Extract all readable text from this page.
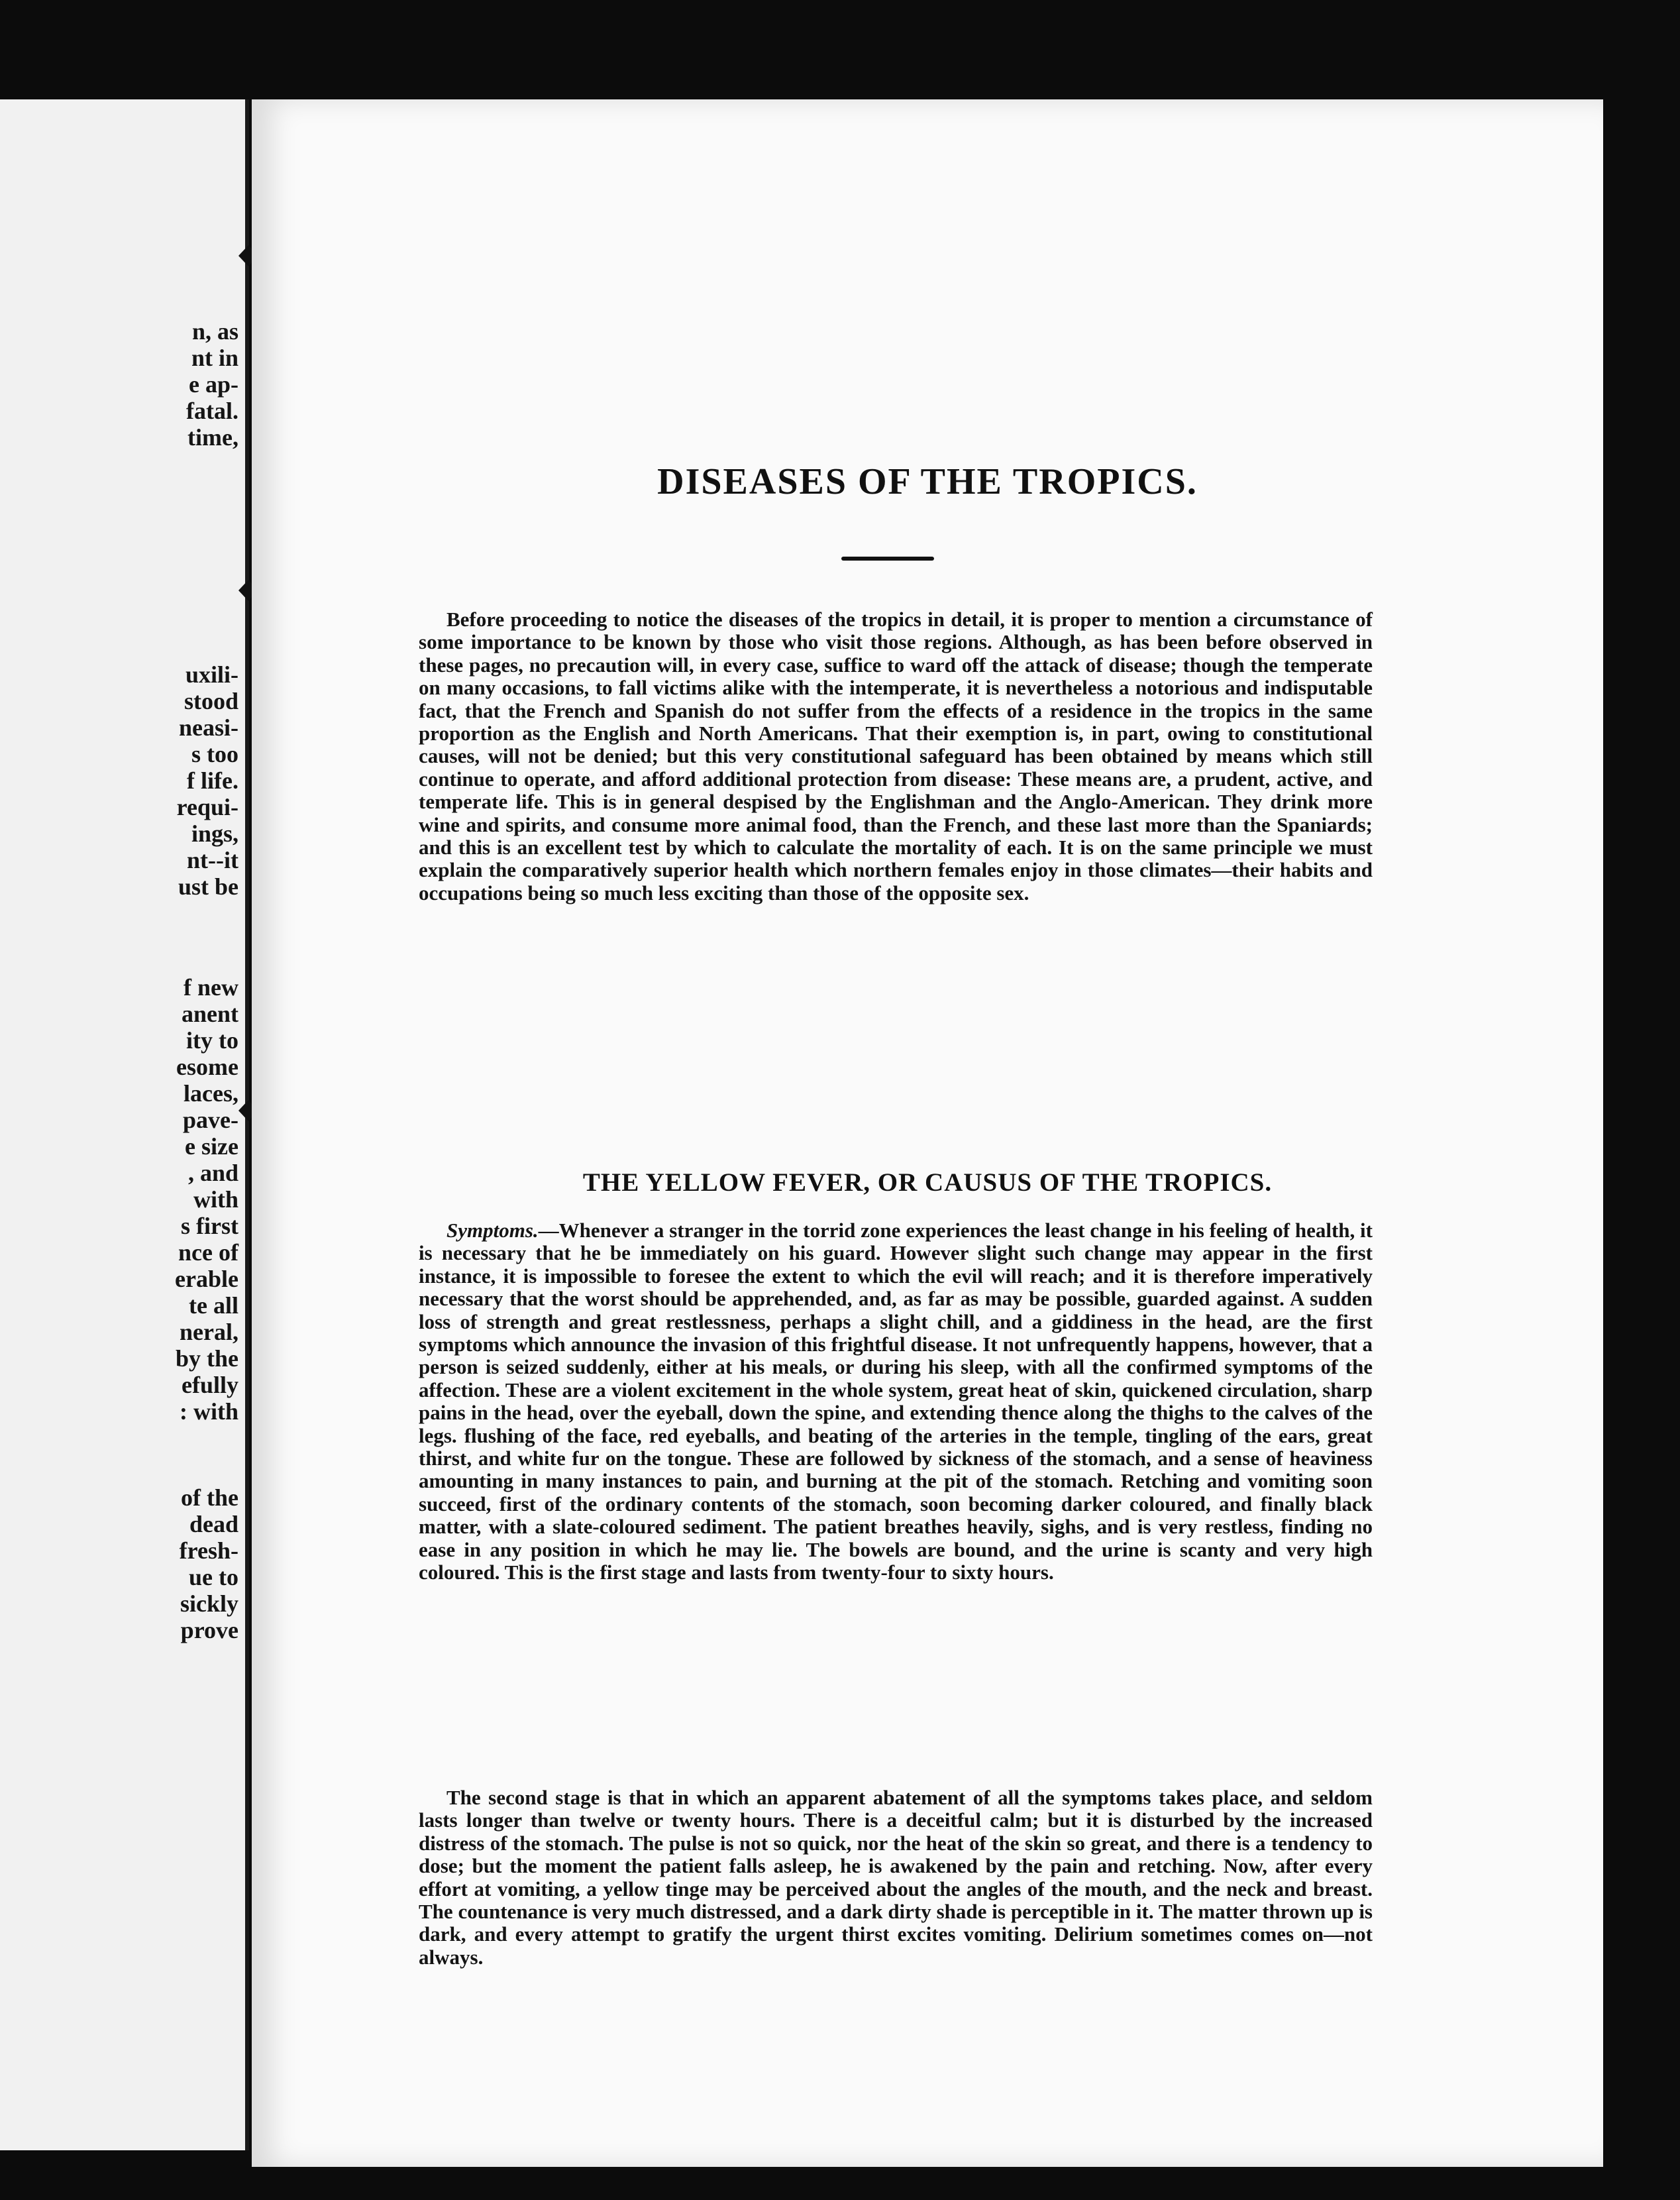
n, as
nt in
e ap-
fatal.
time,
uxili-
stood
neasi-
s too
f life.
requi-
ings,
nt--it
ust be
f new
anent
ity to
esome
laces,
pave-
e size
, and
with
s first
nce of
erable
te all
neral,
by the
efully
: with
of the
dead
fresh-
ue to
sickly
prove
DISEASES OF THE TROPICS.
Before proceeding to notice the diseases of the tropics in detail, it is proper to mention a circumstance of some importance to be known by those who visit those regions. Although, as has been before observed in these pages, no precaution will, in every case, suffice to ward off the attack of disease; though the temperate on many occasions, to fall victims alike with the intemperate, it is nevertheless a notorious and indisputable fact, that the French and Spanish do not suffer from the effects of a residence in the tropics in the same proportion as the English and North Americans. That their exemption is, in part, owing to constitutional causes, will not be denied; but this very constitutional safeguard has been obtained by means which still continue to operate, and afford additional protection from disease: These means are, a prudent, active, and temperate life. This is in general despised by the Englishman and the Anglo-American. They drink more wine and spirits, and consume more animal food, than the French, and these last more than the Spaniards; and this is an excellent test by which to calculate the mortality of each. It is on the same principle we must explain the comparatively superior health which northern females enjoy in those climates—their habits and occupations being so much less exciting than those of the opposite sex.
THE YELLOW FEVER, OR CAUSUS OF THE TROPICS.
Symptoms.—Whenever a stranger in the torrid zone experiences the least change in his feeling of health, it is necessary that he be immediately on his guard. However slight such change may appear in the first instance, it is impossible to foresee the extent to which the evil will reach; and it is therefore imperatively necessary that the worst should be apprehended, and, as far as may be possible, guarded against. A sudden loss of strength and great restlessness, perhaps a slight chill, and a giddiness in the head, are the first symptoms which announce the invasion of this frightful disease. It not unfrequently happens, however, that a person is seized suddenly, either at his meals, or during his sleep, with all the confirmed symptoms of the affection. These are a violent excitement in the whole system, great heat of skin, quickened circulation, sharp pains in the head, over the eyeball, down the spine, and extending thence along the thighs to the calves of the legs. flushing of the face, red eyeballs, and beating of the arteries in the temple, tingling of the ears, great thirst, and white fur on the tongue. These are followed by sickness of the stomach, and a sense of heaviness amounting in many instances to pain, and burning at the pit of the stomach. Retching and vomiting soon succeed, first of the ordinary contents of the stomach, soon becoming darker coloured, and finally black matter, with a slate-coloured sediment. The patient breathes heavily, sighs, and is very restless, finding no ease in any position in which he may lie. The bowels are bound, and the urine is scanty and very high coloured. This is the first stage and lasts from twenty-four to sixty hours.
The second stage is that in which an apparent abatement of all the symptoms takes place, and seldom lasts longer than twelve or twenty hours. There is a deceitful calm; but it is disturbed by the increased distress of the stomach. The pulse is not so quick, nor the heat of the skin so great, and there is a tendency to dose; but the moment the patient falls asleep, he is awakened by the pain and retching. Now, after every effort at vomiting, a yellow tinge may be perceived about the angles of the mouth, and the neck and breast. The countenance is very much distressed, and a dark dirty shade is perceptible in it. The matter thrown up is dark, and every attempt to gratify the urgent thirst excites vomiting. Delirium sometimes comes on—not always.
